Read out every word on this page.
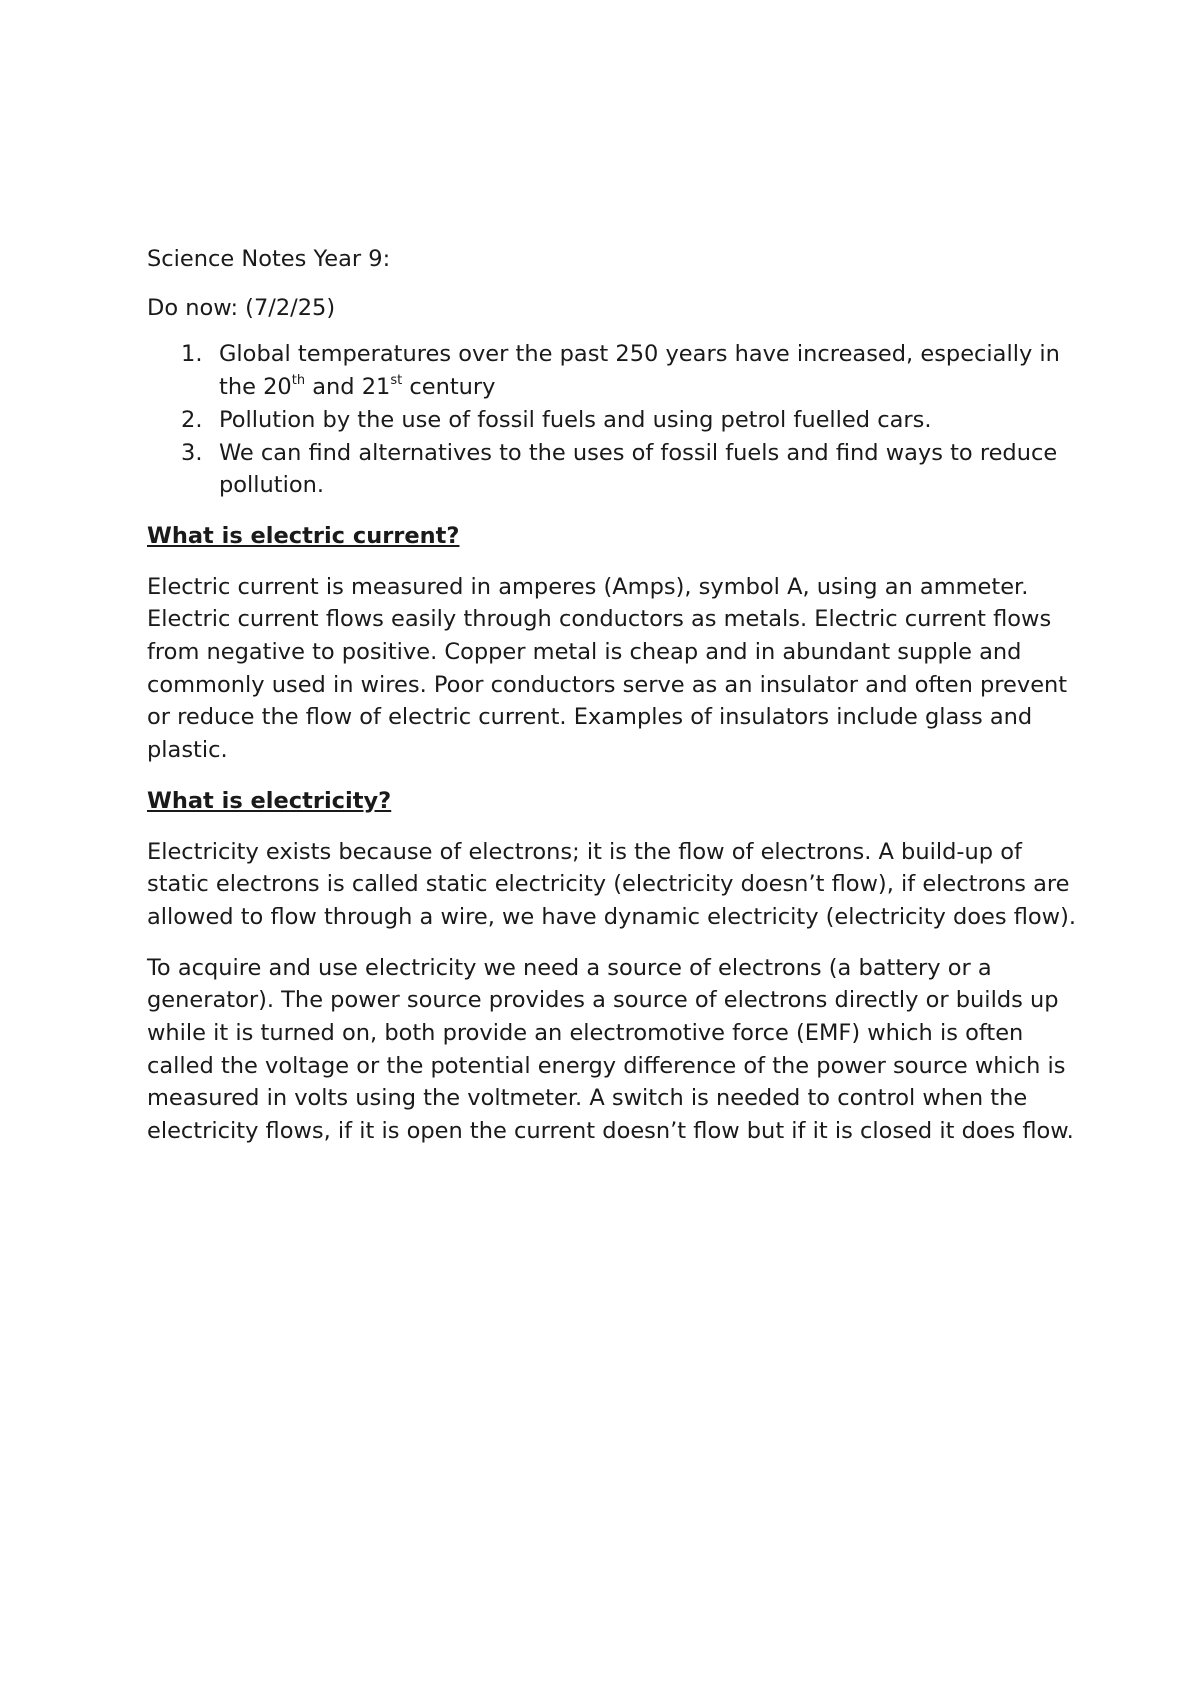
Science Notes Year 9:

Do now: (7/2/25)

1. Global temperatures over the past 250 years have increased, especially in the 20th and 21st century
2. Pollution by the use of fossil fuels and using petrol fuelled cars.
3. We can find alternatives to the uses of fossil fuels and find ways to reduce pollution.
What is electric current?

Electric current is measured in amperes (Amps), symbol A, using an ammeter. Electric current flows easily through conductors as metals. Electric current flows from negative to positive. Copper metal is cheap and in abundant supple and commonly used in wires. Poor conductors serve as an insulator and often prevent or reduce the flow of electric current. Examples of insulators include glass and plastic.

What is electricity?

Electricity exists because of electrons; it is the flow of electrons. A build-up of static electrons is called static electricity (electricity doesn’t flow), if electrons are allowed to flow through a wire, we have dynamic electricity (electricity does flow).

To acquire and use electricity we need a source of electrons (a battery or a generator). The power source provides a source of electrons directly or builds up while it is turned on, both provide an electromotive force (EMF) which is often called the voltage or the potential energy difference of the power source which is measured in volts using the voltmeter. A switch is needed to control when the electricity flows, if it is open the current doesn’t flow but if it is closed it does flow.
